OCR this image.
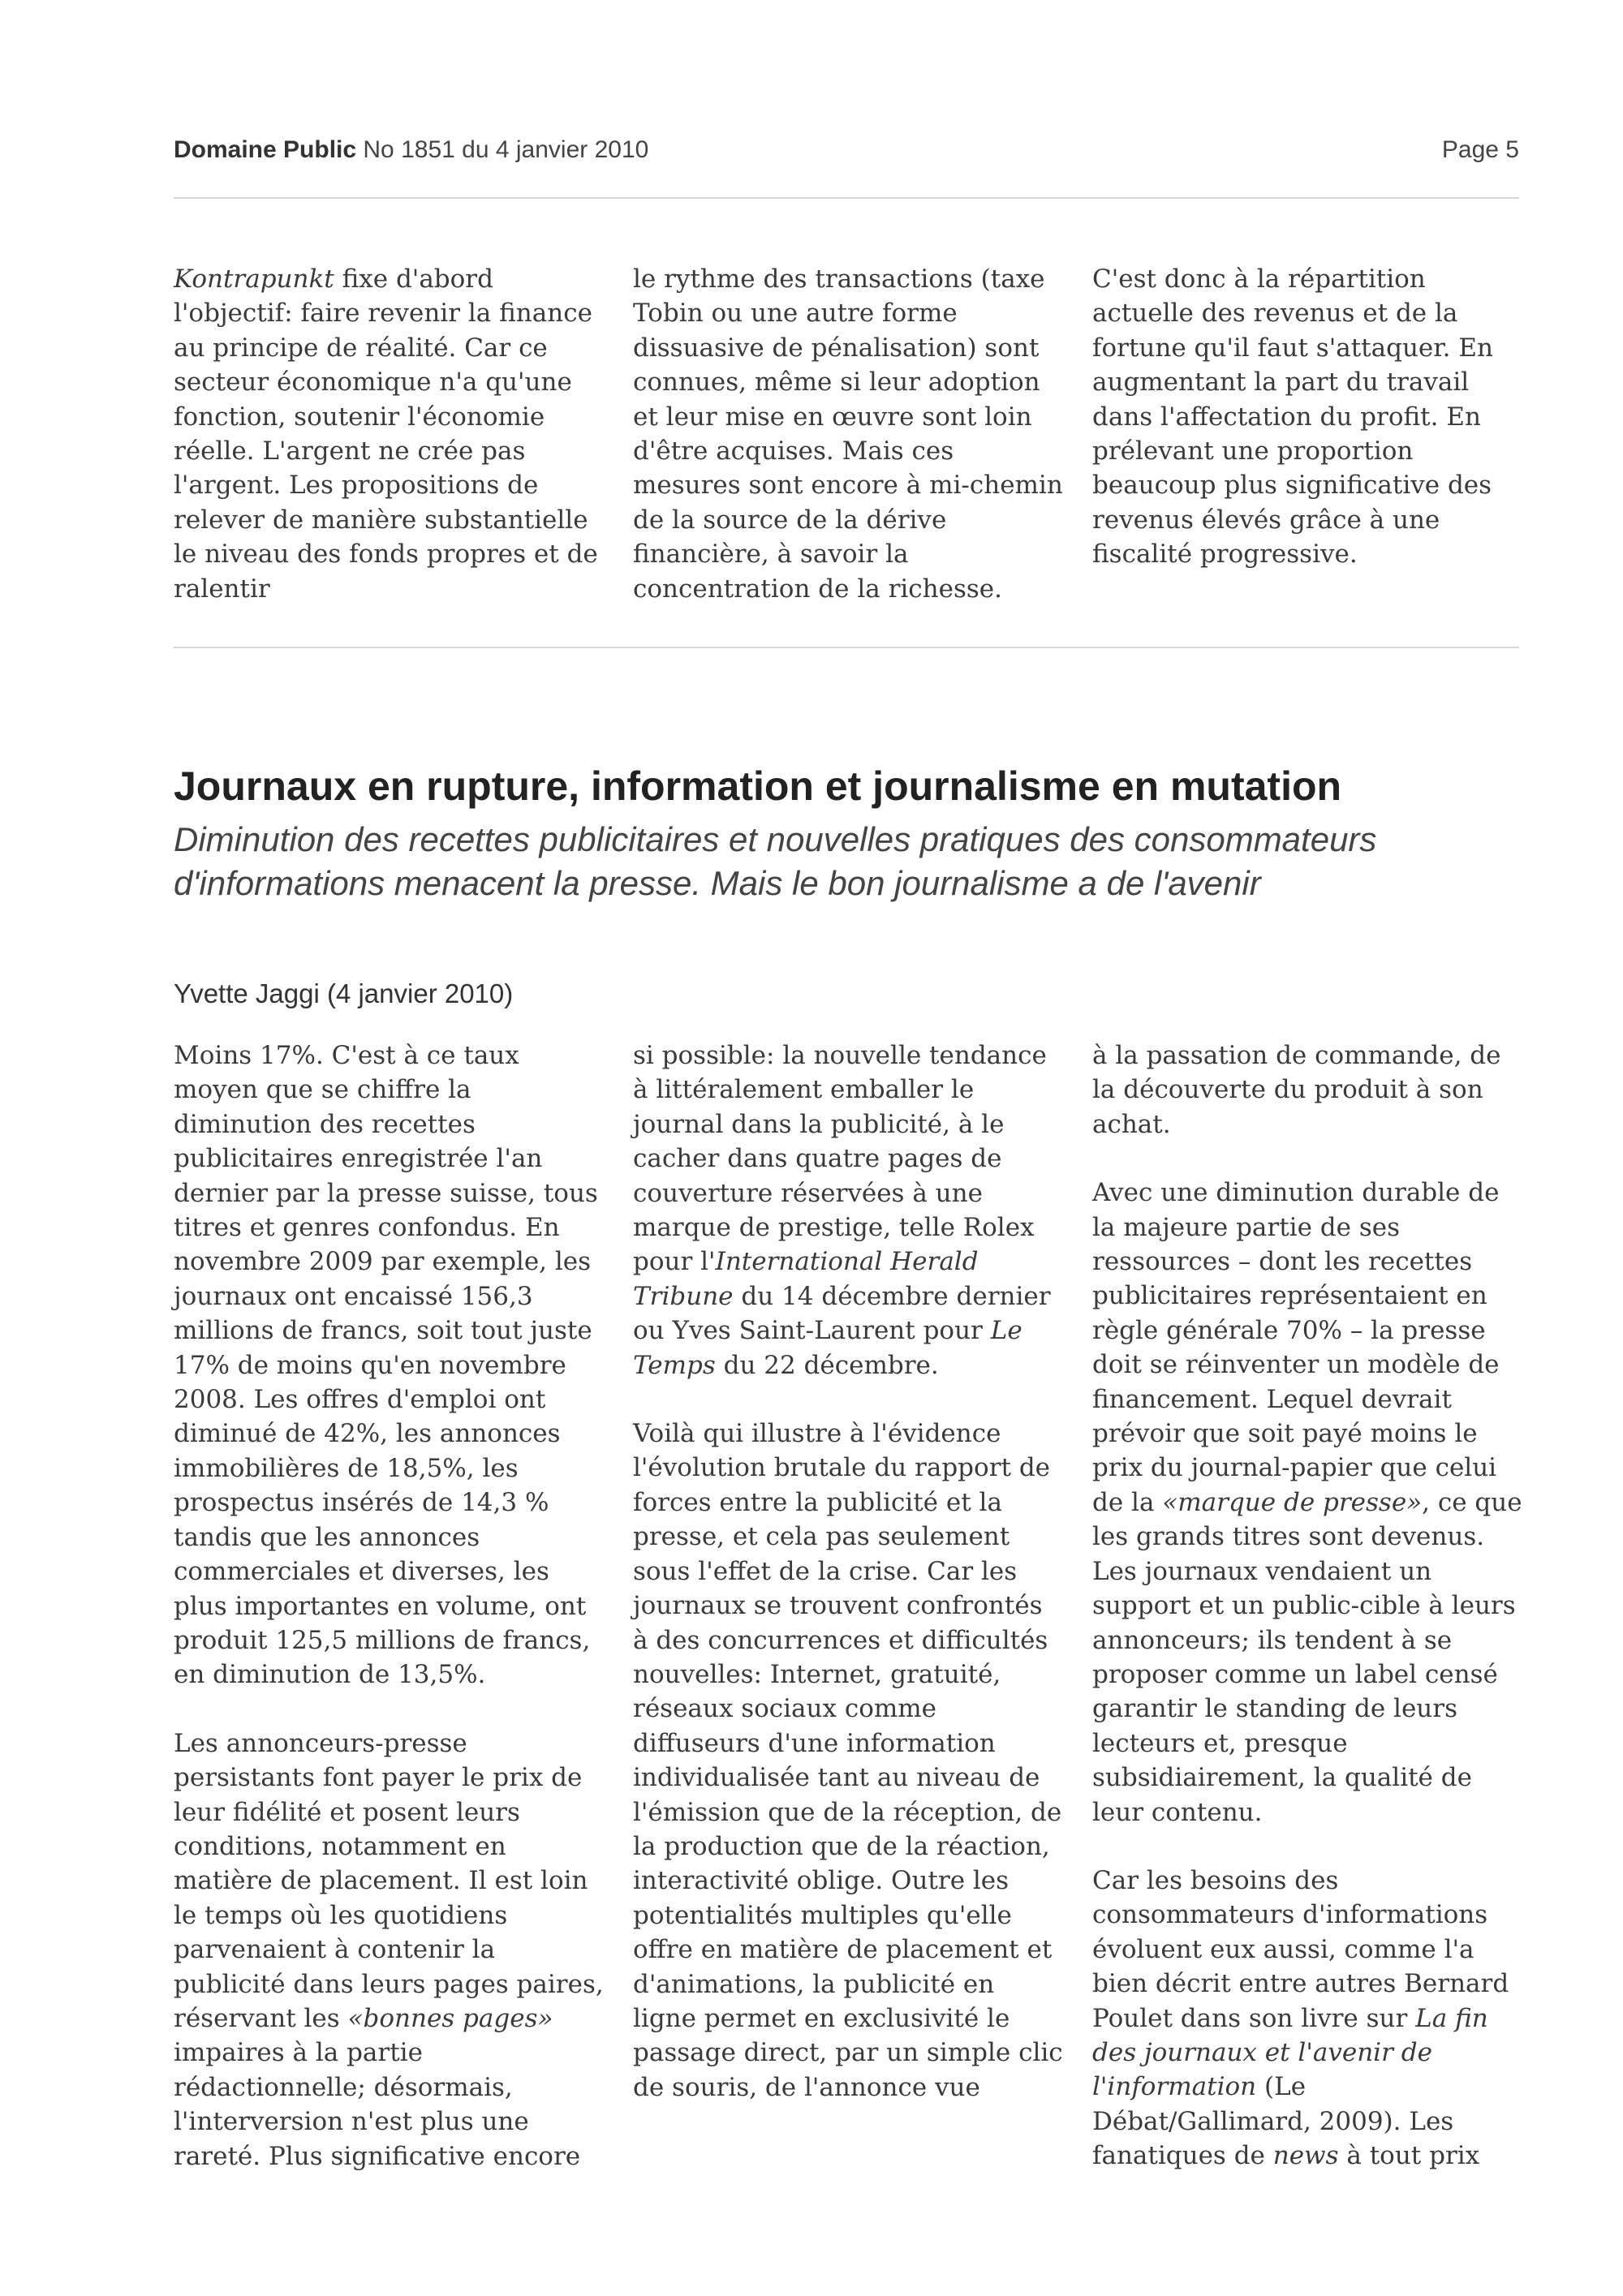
Domaine Public No 1851 du 4 janvier 2010	Page 5

Kontrapunkt fixe d'abord l'objectif: faire revenir la finance au principe de réalité. Car ce secteur économique n'a qu'une fonction, soutenir l'économie réelle. L'argent ne crée pas l'argent. Les propositions de relever de manière substantielle le niveau des fonds propres et de ralentir

le rythme des transactions (taxe Tobin ou une autre forme dissuasive de pénalisation) sont connues, même si leur adoption et leur mise en œuvre sont loin d'être acquises. Mais ces mesures sont encore à mi-chemin de la source de la dérive financière, à savoir la concentration de la richesse.

C'est donc à la répartition actuelle des revenus et de la fortune qu'il faut s'attaquer. En augmentant la part du travail dans l'affectation du profit. En prélevant une proportion beaucoup plus significative des revenus élevés grâce à une fiscalité progressive.

Journaux en rupture, information et journalisme en mutation
Diminution des recettes publicitaires et nouvelles pratiques des consommateurs d'informations menacent la presse. Mais le bon journalisme a de l'avenir
Yvette Jaggi (4 janvier 2010)

Moins 17%. C'est à ce taux moyen que se chiffre la diminution des recettes publicitaires enregistrée l'an dernier par la presse suisse, tous titres et genres confondus. En novembre 2009 par exemple, les journaux ont encaissé 156,3 millions de francs, soit tout juste 17% de moins qu'en novembre 2008. Les offres d'emploi ont diminué de 42%, les annonces immobilières de 18,5%, les prospectus insérés de 14,3 % tandis que les annonces commerciales et diverses, les plus importantes en volume, ont produit 125,5 millions de francs, en diminution de 13,5%.

Les annonceurs-presse persistants font payer le prix de leur fidélité et posent leurs conditions, notamment en matière de placement. Il est loin le temps où les quotidiens parvenaient à contenir la publicité dans leurs pages paires, réservant les «bonnes pages» impaires à la partie rédactionnelle; désormais, l'interversion n'est plus une rareté. Plus significative encore

si possible: la nouvelle tendance à littéralement emballer le journal dans la publicité, à le cacher dans quatre pages de couverture réservées à une marque de prestige, telle Rolex pour l'International Herald Tribune du 14 décembre dernier ou Yves Saint-Laurent pour Le Temps du 22 décembre.

Voilà qui illustre à l'évidence l'évolution brutale du rapport de forces entre la publicité et la presse, et cela pas seulement sous l'effet de la crise. Car les journaux se trouvent confrontés à des concurrences et difficultés nouvelles: Internet, gratuité, réseaux sociaux comme diffuseurs d'une information individualisée tant au niveau de l'émission que de la réception, de la production que de la réaction, interactivité oblige. Outre les potentialités multiples qu'elle offre en matière de placement et d'animations, la publicité en ligne permet en exclusivité le passage direct, par un simple clic de souris, de l'annonce vue

à la passation de commande, de la découverte du produit à son achat.

Avec une diminution durable de la majeure partie de ses ressources – dont les recettes publicitaires représentaient en règle générale 70% – la presse doit se réinventer un modèle de financement. Lequel devrait prévoir que soit payé moins le prix du journal-papier que celui de la «marque de presse», ce que les grands titres sont devenus. Les journaux vendaient un support et un public-cible à leurs annonceurs; ils tendent à se proposer comme un label censé garantir le standing de leurs lecteurs et, presque subsidiairement, la qualité de leur contenu.

Car les besoins des consommateurs d'informations évoluent eux aussi, comme l'a bien décrit entre autres Bernard Poulet dans son livre sur La fin des journaux et l'avenir de l'information (Le Débat/Gallimard, 2009). Les fanatiques de news à tout prix
